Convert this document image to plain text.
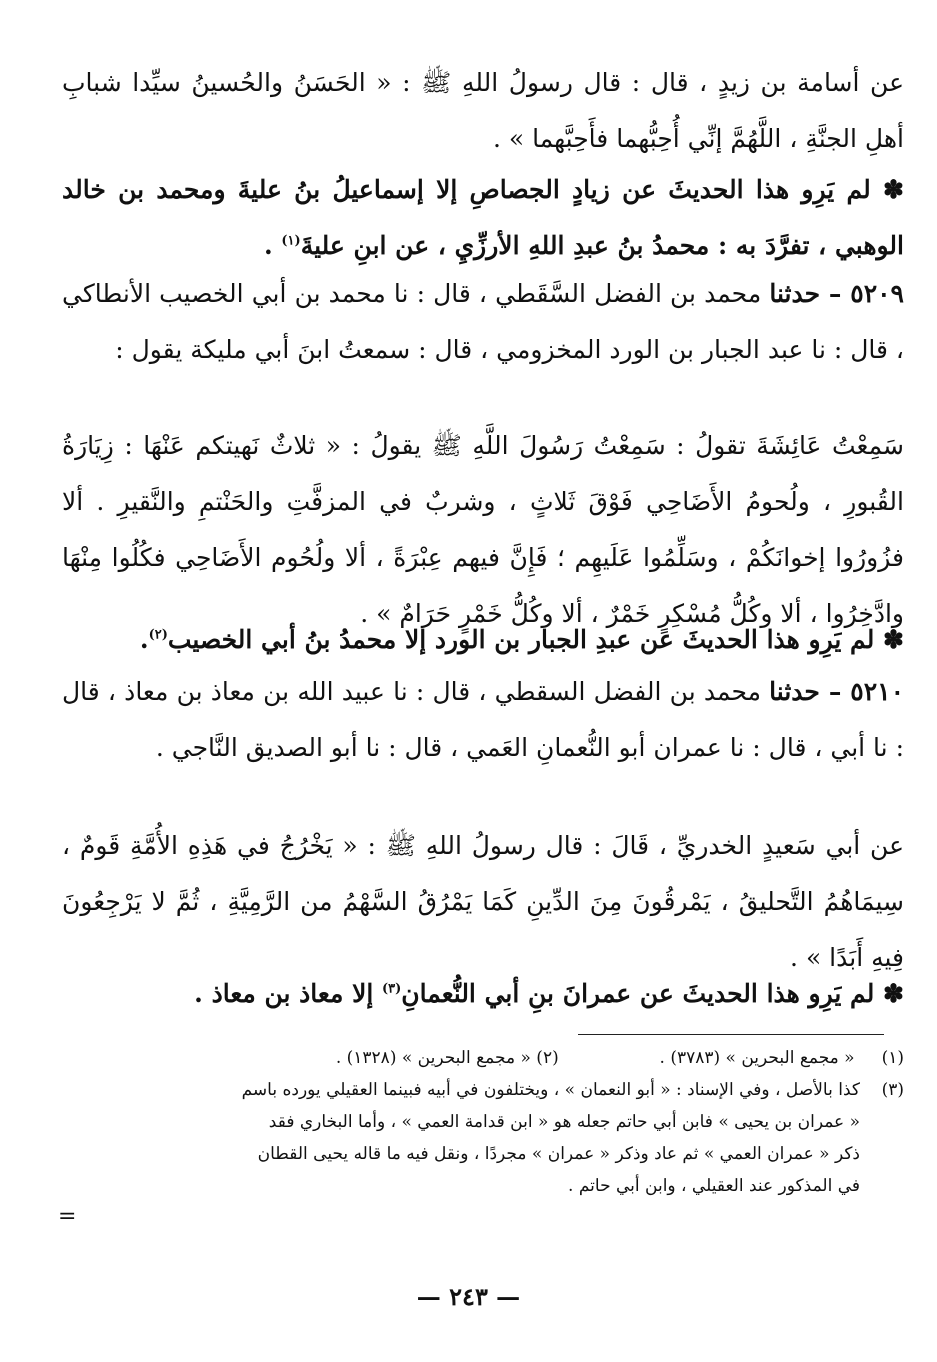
عن أسامة بن زيدٍ ، قال : قال رسولُ اللهِ ﷺ : « الحَسَنُ والحُسينُ سيِّدا شبابِ أهلِ الجنَّةِ ، اللَّهُمَّ إنِّي أُحِبُّهما فأَحِبَّهما » .
✽ لم يَرِو هذا الحديثَ عن زيادٍ الجصاصِ إلا إسماعيلُ بنُ عليةَ ومحمد بن خالد الوهبي ، تفرَّدَ به : محمدُ بنُ عبدِ اللهِ الأرزِّيِ ، عن ابنِ عليةَ$^{(١)}$ .
٥٢٠٩ – حدثنا محمد بن الفضل السَّقَطي ، قال : نا محمد بن أبي الخصيب الأنطاكي ، قال : نا عبد الجبار بن الورد المخزومي ، قال : سمعتُ ابنَ أبي مليكة يقول :
سَمِعْتُ عَائِشَةَ تقولُ : سَمِعْتُ رَسُولَ اللَّهِ ﷺ يقولُ : « ثلاثٌ نَهيتكم عَنْهَا : زِيَارَةُ القُبورِ ، ولُحومُ الأَضَاحِي فَوْقَ ثَلاثٍ ، وشربٌ في المزفَّتِ والحَنْتمِ والنَّقيرِ . ألا فزُورُوا إخوانَكُمْ ، وسَلِّمُوا عَلَيهِم ؛ فَإِنَّ فيهم عِبْرَةً ، ألا ولُحُوم الأَضَاحِي فكُلُوا مِنْهَا وادَّخِرُوا ، ألا وكُلُّ مُسْكِرٍ خَمْرٌ ، ألا وكُلُّ خَمْرٍ حَرَامٌ » .
✽ لم يَرِو هذا الحديثَ عن عبدِ الجبار بن الورد إلا محمدُ بنُ أبي الخصيب$^{(٢)}$.
٥٢١٠ – حدثنا محمد بن الفضل السقطي ، قال : نا عبيد الله بن معاذ بن معاذ ، قال : نا أبي ، قال : نا عمران أبو النُّعمانِ العَمي ، قال : نا أبو الصديق النَّاجي .
عن أبي سَعيدٍ الخدريِّ ، قَالَ : قال رسولُ اللهِ ﷺ : « يَخْرُجُ في هَذِهِ الأُمَّةِ قَومٌ ، سِيمَاهُمُ التَّحليقُ ، يَمْرقُونَ مِنَ الدِّينِ كَمَا يَمْرُقُ السَّهْمُ من الرَّمِيَّةِ ، ثُمَّ لا يَرْجِعُونَ فِيهِ أَبَدًا » .
✽ لم يَرِو هذا الحديثَ عن عمرانَ بنِ أبي النُّعمانِ$^{(٣)}$ إلا معاذ بن معاذ .
(١) « مجمع البحرين » (٣٧٨٣) .  (٢) « مجمع البحرين » (١٣٢٨) .
(٣)كذا بالأصل ، وفي الإسناد : « أبو النعمان » ، ويختلفون في أبيه فبينما العقيلي يورده باسم
« عمران بن يحيى » فابن أبي حاتم جعله هو « ابن قدامة العمي » ، وأما البخاري فقد
ذكر « عمران العمي » ثم عاد وذكر « عمران » مجردًا ، ونقل فيه ما قاله يحيى القطان
في المذكور عند العقيلي ، وابن أبي حاتم .
=
— ٢٤٣ —
